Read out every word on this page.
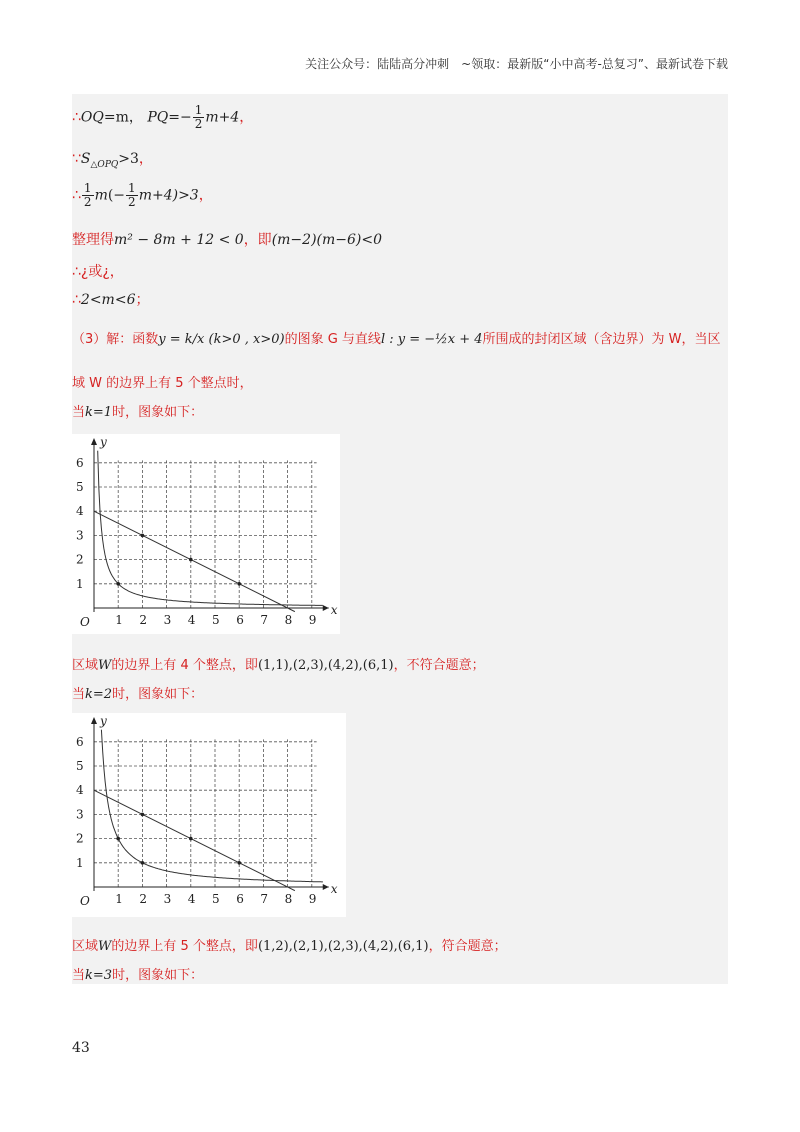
关注公众号：陆陆高分冲刺　~领取：最新版“小中高考-总复习”、最新试卷下载
∴OQ=m， $PQ=- \frac{1}{2} m+4$，
$\because S_{\triangle OPQ}>3$，
∴ $\frac{1}{2} m(- \frac{1}{2} m+4)>3$，
整理得m² − 8m + 12 < 0，即(m−2)(m−6)<0
∴¿或¿，
∴2<m<6；
（3）解：函数y = k/x (k>0 , x>0)的图象 G 与直线l : y = −½x + 4所围成的封闭区域（含边界）为 W，当区
域 W 的边界上有 5 个整点时，
当k=1时，图象如下：
1 2 3 4 5 6 7 8 9
1
2
3
4
5
6
O
x
y
区域W的边界上有 4 个整点，即(1,1),(2,3),(4,2),(6,1)，不符合题意；
当k=2时，图象如下：
1 2 3 4 5 6 7 8 9
1
2
3
4
5
6
O
x
y
区域W的边界上有 5 个整点，即(1,2),(2,1),(2,3),(4,2),(6,1)，符合题意；
当k=3时，图象如下：
43
